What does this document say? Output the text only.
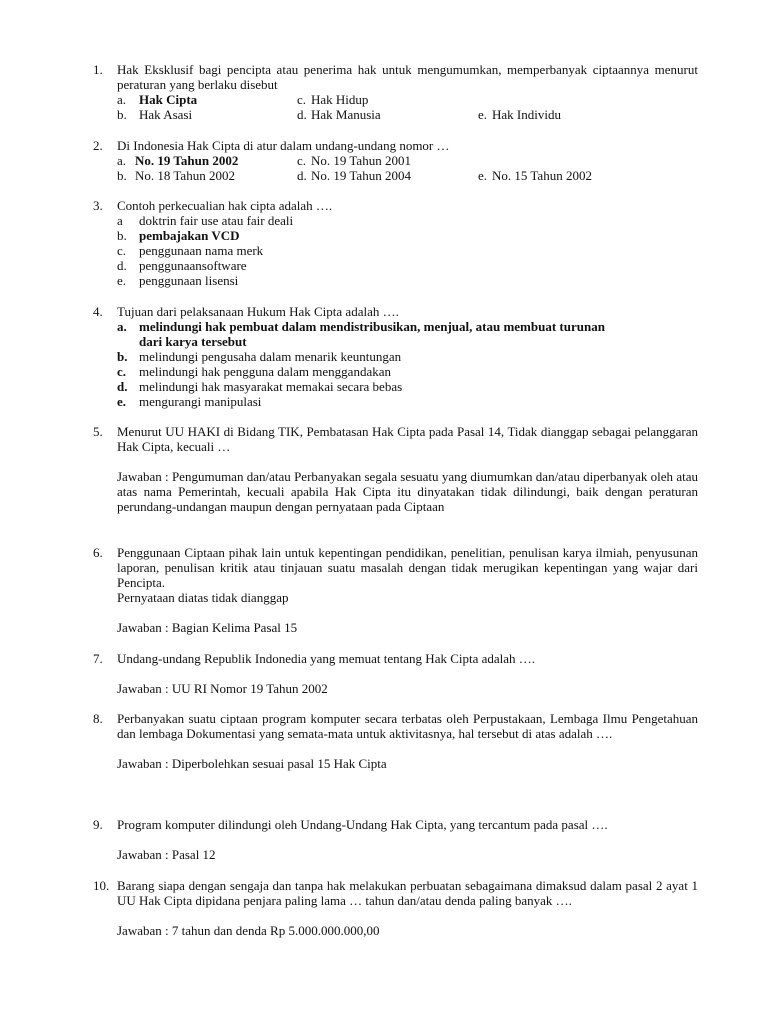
1.	Hak Eksklusif bagi pencipta atau penerima hak untuk mengumumkan, memperbanyak ciptaannya menurut peraturan yang berlaku disebut
a. Hak Cipta	c. Hak Hidup
b. Hak Asasi	d. Hak Manusia	e. Hak Individu
2.	Di Indonesia Hak Cipta di atur dalam undang-undang nomor …
a. No. 19 Tahun 2002	c. No. 19 Tahun 2001
b. No. 18 Tahun 2002	d. No. 19 Tahun 2004	e. No. 15 Tahun 2002
3.	Contoh perkecualian hak cipta adalah ….
a	doktrin fair use atau fair deali
b. pembajakan VCD
c. penggunaan nama merk
d. penggunaansoftware
e. penggunaan lisensi
4.	Tujuan dari pelaksanaan Hukum Hak Cipta adalah ….
a. melindungi hak pembuat dalam mendistribusikan, menjual, atau membuat turunan
dari karya tersebut
b. melindungi pengusaha dalam menarik keuntungan
c. melindungi hak pengguna dalam menggandakan
d. melindungi hak masyarakat memakai secara bebas
e. mengurangi manipulasi
5.	Menurut UU HAKI di Bidang TIK, Pembatasan Hak Cipta pada Pasal 14, Tidak dianggap sebagai pelanggaran Hak Cipta, kecuali …
Jawaban : Pengumuman dan/atau Perbanyakan segala sesuatu yang diumumkan dan/atau diperbanyak oleh atau atas nama Pemerintah, kecuali apabila Hak Cipta itu dinyatakan tidak dilindungi, baik dengan peraturan perundang-undangan maupun dengan pernyataan pada Ciptaan
6.	Penggunaan Ciptaan pihak lain untuk kepentingan pendidikan, penelitian, penulisan karya ilmiah, penyusunan laporan, penulisan kritik atau tinjauan suatu masalah dengan tidak merugikan kepentingan yang wajar dari Pencipta.
Pernyataan diatas tidak dianggap
Jawaban : Bagian Kelima Pasal 15
7.	Undang-undang Republik Indonedia yang memuat tentang Hak Cipta adalah ….
Jawaban : UU RI Nomor 19 Tahun 2002
8.	Perbanyakan suatu ciptaan program komputer secara terbatas oleh Perpustakaan, Lembaga Ilmu Pengetahuan dan lembaga Dokumentasi yang semata-mata untuk aktivitasnya, hal tersebut di atas adalah ….
Jawaban : Diperbolehkan sesuai pasal 15 Hak Cipta
9.	Program komputer dilindungi oleh Undang-Undang Hak Cipta, yang tercantum pada pasal ….
Jawaban : Pasal 12
10. Barang siapa dengan sengaja dan tanpa hak melakukan perbuatan sebagaimana dimaksud dalam pasal 2 ayat 1 UU Hak Cipta dipidana penjara paling lama … tahun dan/atau denda paling banyak ….
Jawaban : 7 tahun dan denda Rp 5.000.000.000,00
